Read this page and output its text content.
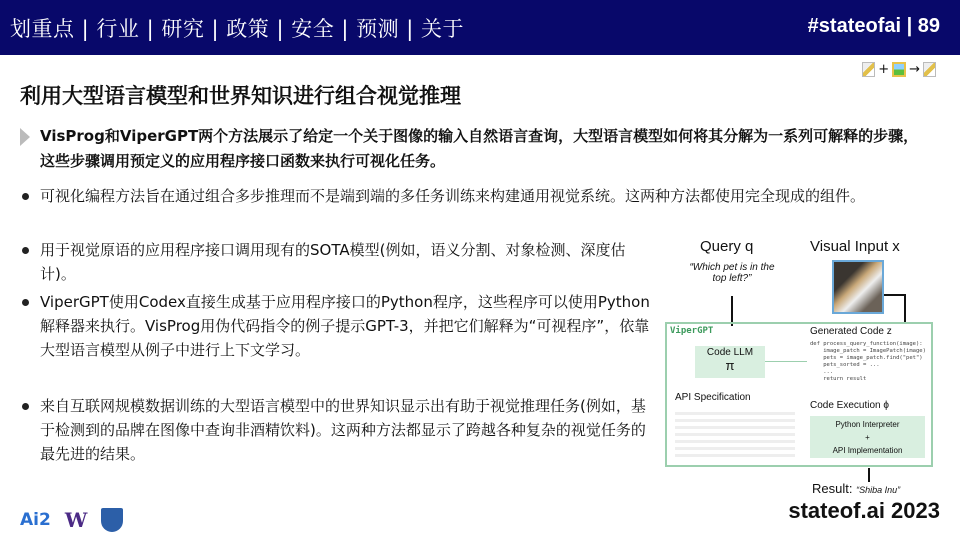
划重点 | 行业 | 研究 | 政策 | 安全 | 预测 | 关于	#stateofai | 89
+ →
利用大型语言模型和世界知识进行组合视觉推理
VisProg和ViperGPT两个方法展示了给定一个关于图像的输入自然语言查询，大型语言模型如何将其分解为一系列可解释的步骤，这些步骤调用预定义的应用程序接口函数来执行可视化任务。
可视化编程方法旨在通过组合多步推理而不是端到端的多任务训练来构建通用视觉系统。这两种方法都使用完全现成的组件。
用于视觉原语的应用程序接口调用现有的SOTA模型(例如，语义分割、对象检测、深度估计)。
ViperGPT使用Codex直接生成基于应用程序接口的Python程序，这些程序可以使用Python解释器来执行。VisProg用伪代码指令的例子提示GPT-3，并把它们解释为“可视程序”，依靠大型语言模型从例子中进行上下文学习。
来自互联网规模数据训练的大型语言模型中的世界知识显示出有助于视觉推理任务(例如，基于检测到的品牌在图像中查询非酒精饮料)。这两种方法都显示了跨越各种复杂的视觉任务的最先进的结果。
Query q
“Which pet is in the top left?”
Visual Input x
ViperGPT
Code LLM
π
API Specification
Generated Code z
def process_query_function(image):
image_patch = ImagePatch(image)
pets = image_patch.find("pet")
pets_sorted = ...
...
return result
Code Execution ϕ
Python Interpreter
+
API Implementation
Result: “Shiba Inu”
Ai2 W	stateof.ai 2023
